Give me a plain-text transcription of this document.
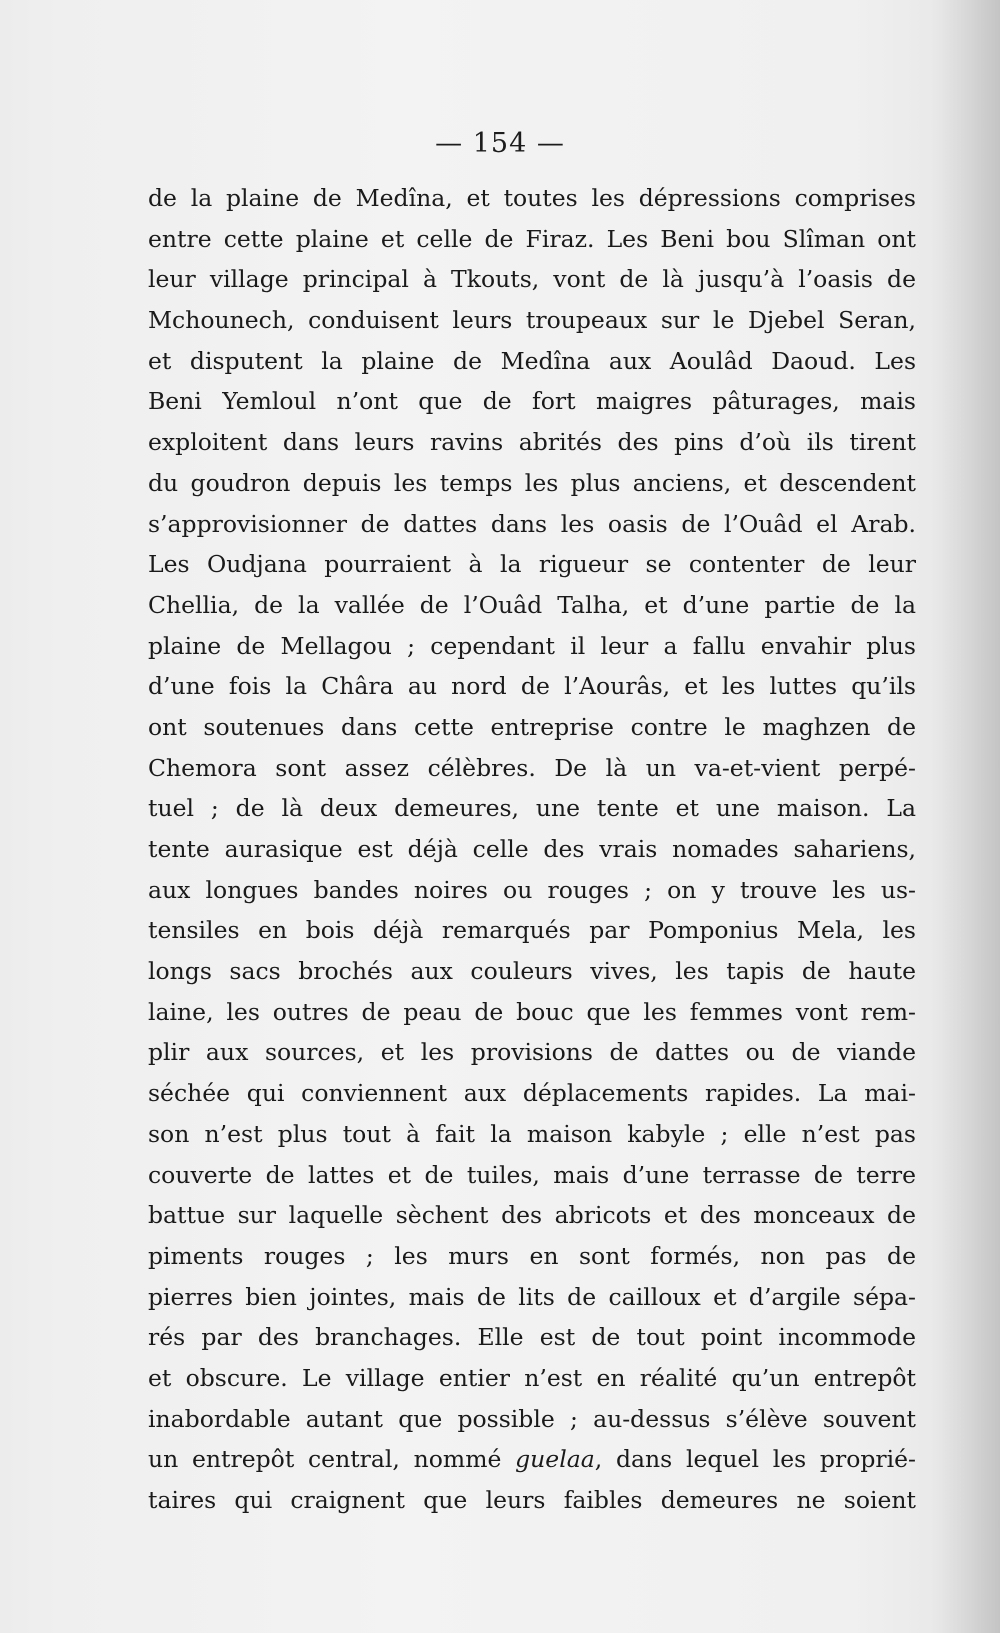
— 154 —
de la plaine de Medîna, et toutes les dépressions comprises
entre cette plaine et celle de Firaz. Les Beni bou Slîman ont
leur village principal à Tkouts, vont de là jusqu’à l’oasis de
Mchounech, conduisent leurs troupeaux sur le Djebel Seran,
et disputent la plaine de Medîna aux Aoulâd Daoud. Les
Beni Yemloul n’ont que de fort maigres pâturages, mais
exploitent dans leurs ravins abrités des pins d’où ils tirent
du goudron depuis les temps les plus anciens, et descendent
s’approvisionner de dattes dans les oasis de l’Ouâd el Arab.
Les Oudjana pourraient à la rigueur se contenter de leur
Chellia, de la vallée de l’Ouâd Talha, et d’une partie de la
plaine de Mellagou ; cependant il leur a fallu envahir plus
d’une fois la Châra au nord de l’Aourâs, et les luttes qu’ils
ont soutenues dans cette entreprise contre le maghzen de
Chemora sont assez célèbres. De là un va-et-vient perpé-
tuel ; de là deux demeures, une tente et une maison. La
tente aurasique est déjà celle des vrais nomades sahariens,
aux longues bandes noires ou rouges ; on y trouve les us-
tensiles en bois déjà remarqués par Pomponius Mela, les
longs sacs brochés aux couleurs vives, les tapis de haute
laine, les outres de peau de bouc que les femmes vont rem-
plir aux sources, et les provisions de dattes ou de viande
séchée qui conviennent aux déplacements rapides. La mai-
son n’est plus tout à fait la maison kabyle ; elle n’est pas
couverte de lattes et de tuiles, mais d’une terrasse de terre
battue sur laquelle sèchent des abricots et des monceaux de
piments rouges ; les murs en sont formés, non pas de
pierres bien jointes, mais de lits de cailloux et d’argile sépa-
rés par des branchages. Elle est de tout point incommode
et obscure. Le village entier n’est en réalité qu’un entrepôt
inabordable autant que possible ; au-dessus s’élève souvent
un entrepôt central, nommé guelaa, dans lequel les proprié-
taires qui craignent que leurs faibles demeures ne soient
